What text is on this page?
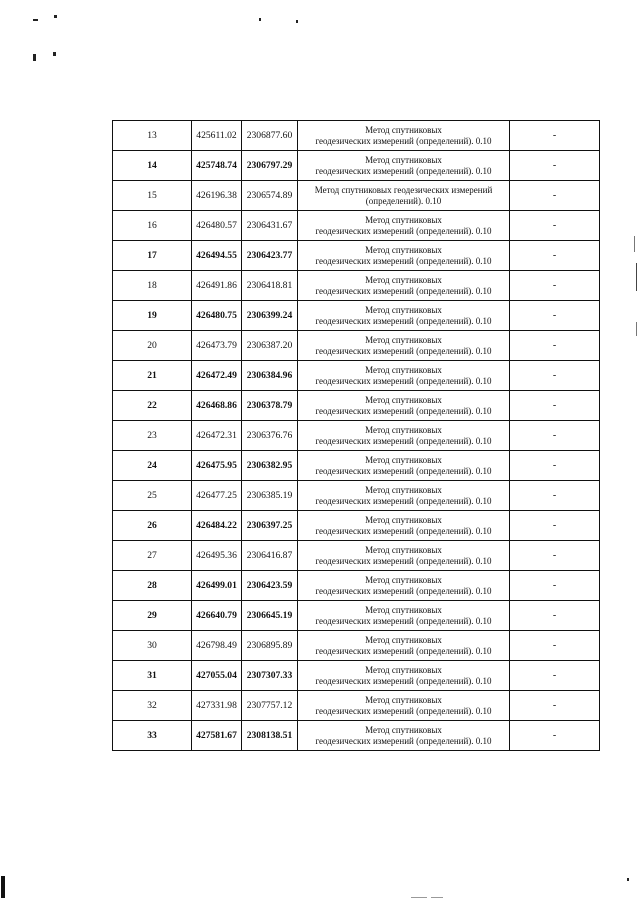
13	425611.02	2306877.60	Метод спутниковых
геодезических измерений (определений). 0.10	-
14	425748.74	2306797.29	Метод спутниковых
геодезических измерений (определений). 0.10	-
15	426196.38	2306574.89	Метод спутниковых геодезических измерений
(определений). 0.10	-
16	426480.57	2306431.67	Метод спутниковых
геодезических измерений (определений). 0.10	-
17	426494.55	2306423.77	Метод спутниковых
геодезических измерений (определений). 0.10	-
18	426491.86	2306418.81	Метод спутниковых
геодезических измерений (определений). 0.10	-
19	426480.75	2306399.24	Метод спутниковых
геодезических измерений (определений). 0.10	-
20	426473.79	2306387.20	Метод спутниковых
геодезических измерений (определений). 0.10	-
21	426472.49	2306384.96	Метод спутниковых
геодезических измерений (определений). 0.10	-
22	426468.86	2306378.79	Метод спутниковых
геодезических измерений (определений). 0.10	-
23	426472.31	2306376.76	Метод спутниковых
геодезических измерений (определений). 0.10	-
24	426475.95	2306382.95	Метод спутниковых
геодезических измерений (определений). 0.10	-
25	426477.25	2306385.19	Метод спутниковых
геодезических измерений (определений). 0.10	-
26	426484.22	2306397.25	Метод спутниковых
геодезических измерений (определений). 0.10	-
27	426495.36	2306416.87	Метод спутниковых
геодезических измерений (определений). 0.10	-
28	426499.01	2306423.59	Метод спутниковых
геодезических измерений (определений). 0.10	-
29	426640.79	2306645.19	Метод спутниковых
геодезических измерений (определений). 0.10	-
30	426798.49	2306895.89	Метод спутниковых
геодезических измерений (определений). 0.10	-
31	427055.04	2307307.33	Метод спутниковых
геодезических измерений (определений). 0.10	-
32	427331.98	2307757.12	Метод спутниковых
геодезических измерений (определений). 0.10	-
33	427581.67	2308138.51	Метод спутниковых
геодезических измерений (определений). 0.10	-
